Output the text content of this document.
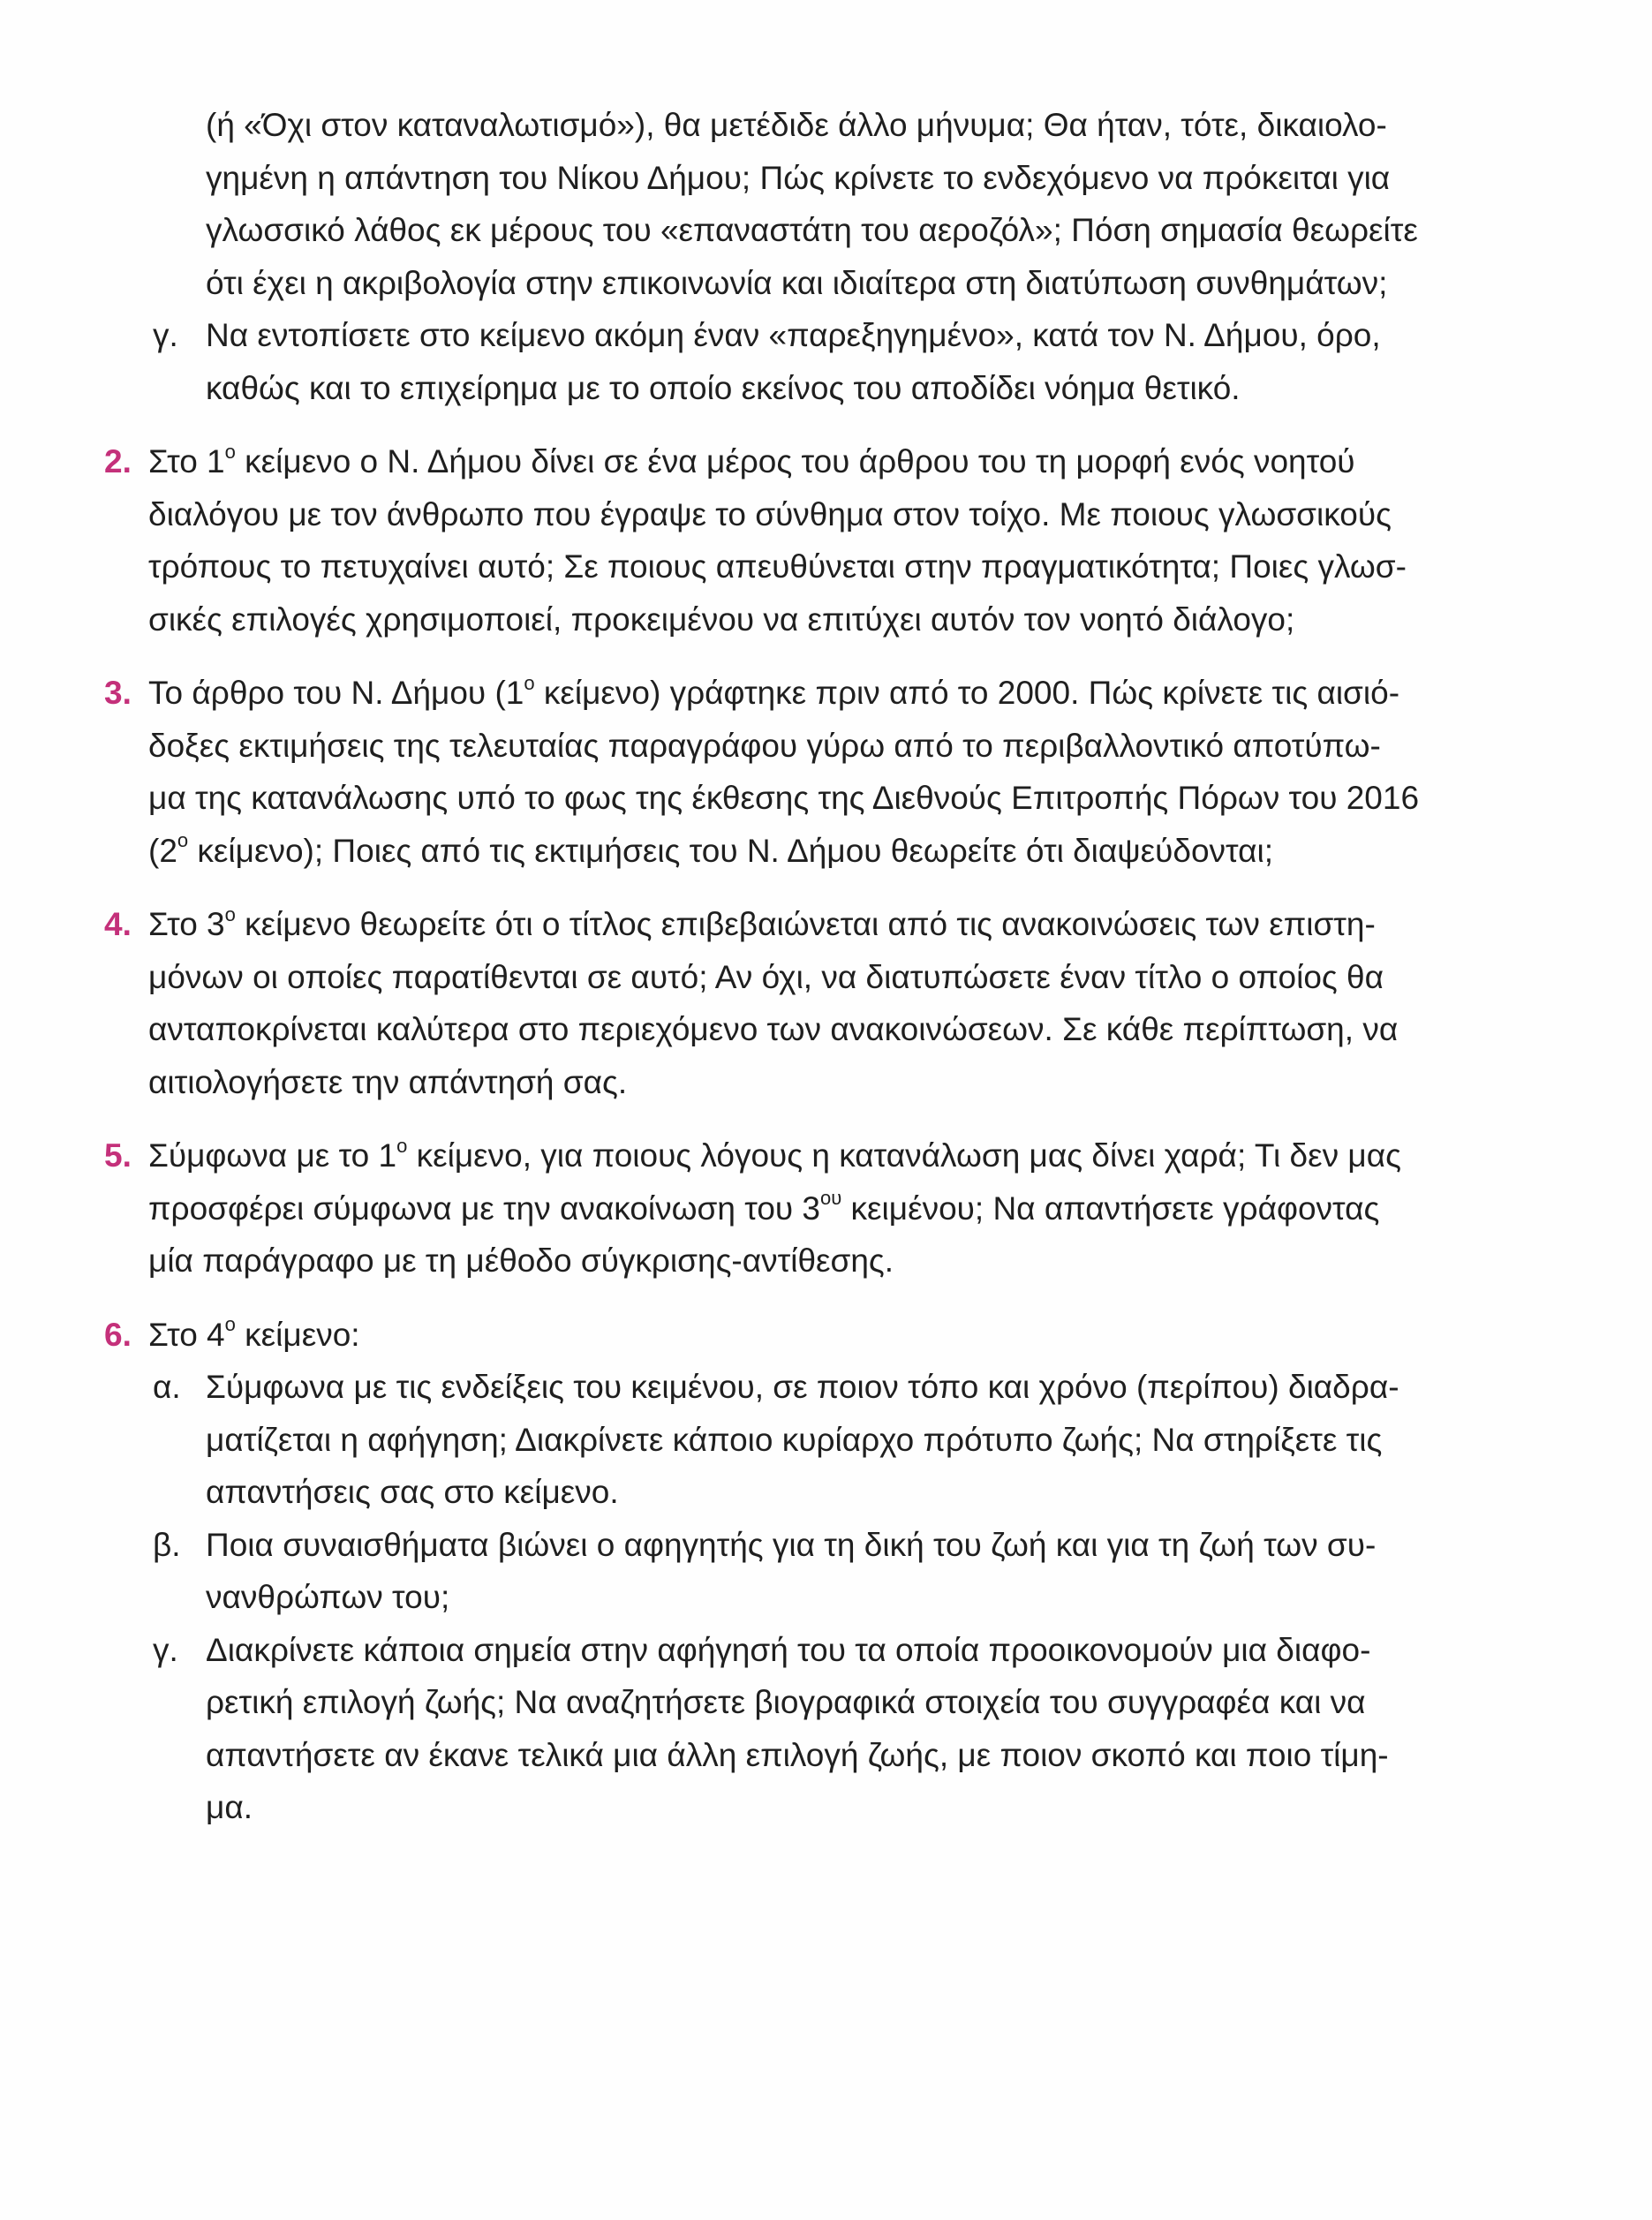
(ή «Όχι στον καταναλωτισμό»), θα μετέδιδε άλλο μήνυμα; Θα ήταν, τότε, δικαιολο-
γημένη η απάντηση του Νίκου Δήμου; Πώς κρίνετε το ενδεχόμενο να πρόκειται για
γλωσσικό λάθος εκ μέρους του «επαναστάτη του αεροζόλ»; Πόση σημασία θεωρείτε
ότι έχει η ακριβολογία στην επικοινωνία και ιδιαίτερα στη διατύπωση συνθημάτων;
γ. Να εντοπίσετε στο κείμενο ακόμη έναν «παρεξηγημένο», κατά τον Ν. Δήμου, όρο,
καθώς και το επιχείρημα με το οποίο εκείνος του αποδίδει νόημα θετικό.
2. Στο $1^o$ κείμενο ο Ν. Δήμου δίνει σε ένα μέρος του άρθρου του τη μορφή ενός νοητού
διαλόγου με τον άνθρωπο που έγραψε το σύνθημα στον τοίχο. Με ποιους γλωσσικούς
τρόπους το πετυχαίνει αυτό; Σε ποιους απευθύνεται στην πραγματικότητα; Ποιες γλωσ-
σικές επιλογές χρησιμοποιεί, προκειμένου να επιτύχει αυτόν τον νοητό διάλογο;
3. Το άρθρο του Ν. Δήμου ($1^o$ κείμενο) γράφτηκε πριν από το 2000. Πώς κρίνετε τις αισιό-
δοξες εκτιμήσεις της τελευταίας παραγράφου γύρω από το περιβαλλοντικό αποτύπω-
μα της κατανάλωσης υπό το φως της έκθεσης της Διεθνούς Επιτροπής Πόρων του 2016
($2^o$ κείμενο); Ποιες από τις εκτιμήσεις του Ν. Δήμου θεωρείτε ότι διαψεύδονται;
4. Στο $3^o$ κείμενο θεωρείτε ότι ο τίτλος επιβεβαιώνεται από τις ανακοινώσεις των επιστη-
μόνων οι οποίες παρατίθενται σε αυτό; Αν όχι, να διατυπώσετε έναν τίτλο ο οποίος θα
ανταποκρίνεται καλύτερα στο περιεχόμενο των ανακοινώσεων. Σε κάθε περίπτωση, να
αιτιολογήσετε την απάντησή σας.
5. Σύμφωνα με το $1^o$ κείμενο, για ποιους λόγους η κατανάλωση μας δίνει χαρά; Τι δεν μας
προσφέρει σύμφωνα με την ανακοίνωση του $3^{o\upsilon}$ κειμένου; Να απαντήσετε γράφοντας
μία παράγραφο με τη μέθοδο σύγκρισης-αντίθεσης.
6. Στο $4^o$ κείμενο:
α. Σύμφωνα με τις ενδείξεις του κειμένου, σε ποιον τόπο και χρόνο (περίπου) διαδρα-
ματίζεται η αφήγηση; Διακρίνετε κάποιο κυρίαρχο πρότυπο ζωής; Να στηρίξετε τις
απαντήσεις σας στο κείμενο.
β. Ποια συναισθήματα βιώνει ο αφηγητής για τη δική του ζωή και για τη ζωή των συ-
νανθρώπων του;
γ. Διακρίνετε κάποια σημεία στην αφήγησή του τα οποία προοικονομούν μια διαφο-
ρετική επιλογή ζωής; Να αναζητήσετε βιογραφικά στοιχεία του συγγραφέα και να
απαντήσετε αν έκανε τελικά μια άλλη επιλογή ζωής, με ποιον σκοπό και ποιο τίμη-
μα.
